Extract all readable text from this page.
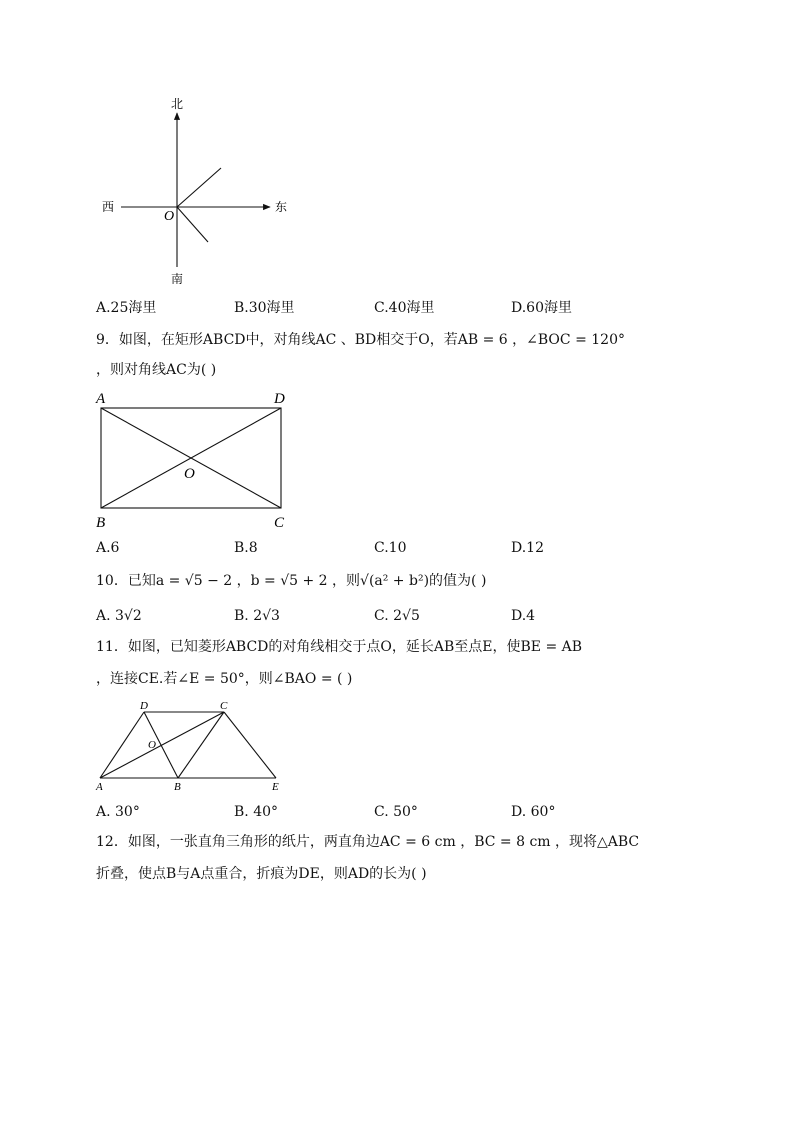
北
南
西	东
O
A.25海里	B.30海里	C.40海里	D.60海里
9．如图，在矩形ABCD中，对角线AC 、BD相交于O，若AB = 6 ，∠BOC = 120°
，则对角线AC为( )
A	D
O
B	C
A.6	B.8	C.10	D.12
10．已知a = √5 − 2 ，b = √5 + 2 ，则√(a² + b²)的值为( )
A. 3√2	B. 2√3	C. 2√5	D.4
11．如图，已知菱形ABCD的对角线相交于点O，延长AB至点E，使BE = AB
，连接CE.若∠E = 50°，则∠BAO = ( )
D	C
O
A	B	E
A. 30°	B. 40°	C. 50°	D. 60°
12．如图，一张直角三角形的纸片，两直角边AC = 6 cm ，BC = 8 cm ，现将△ABC
折叠，使点B与A点重合，折痕为DE，则AD的长为( )
